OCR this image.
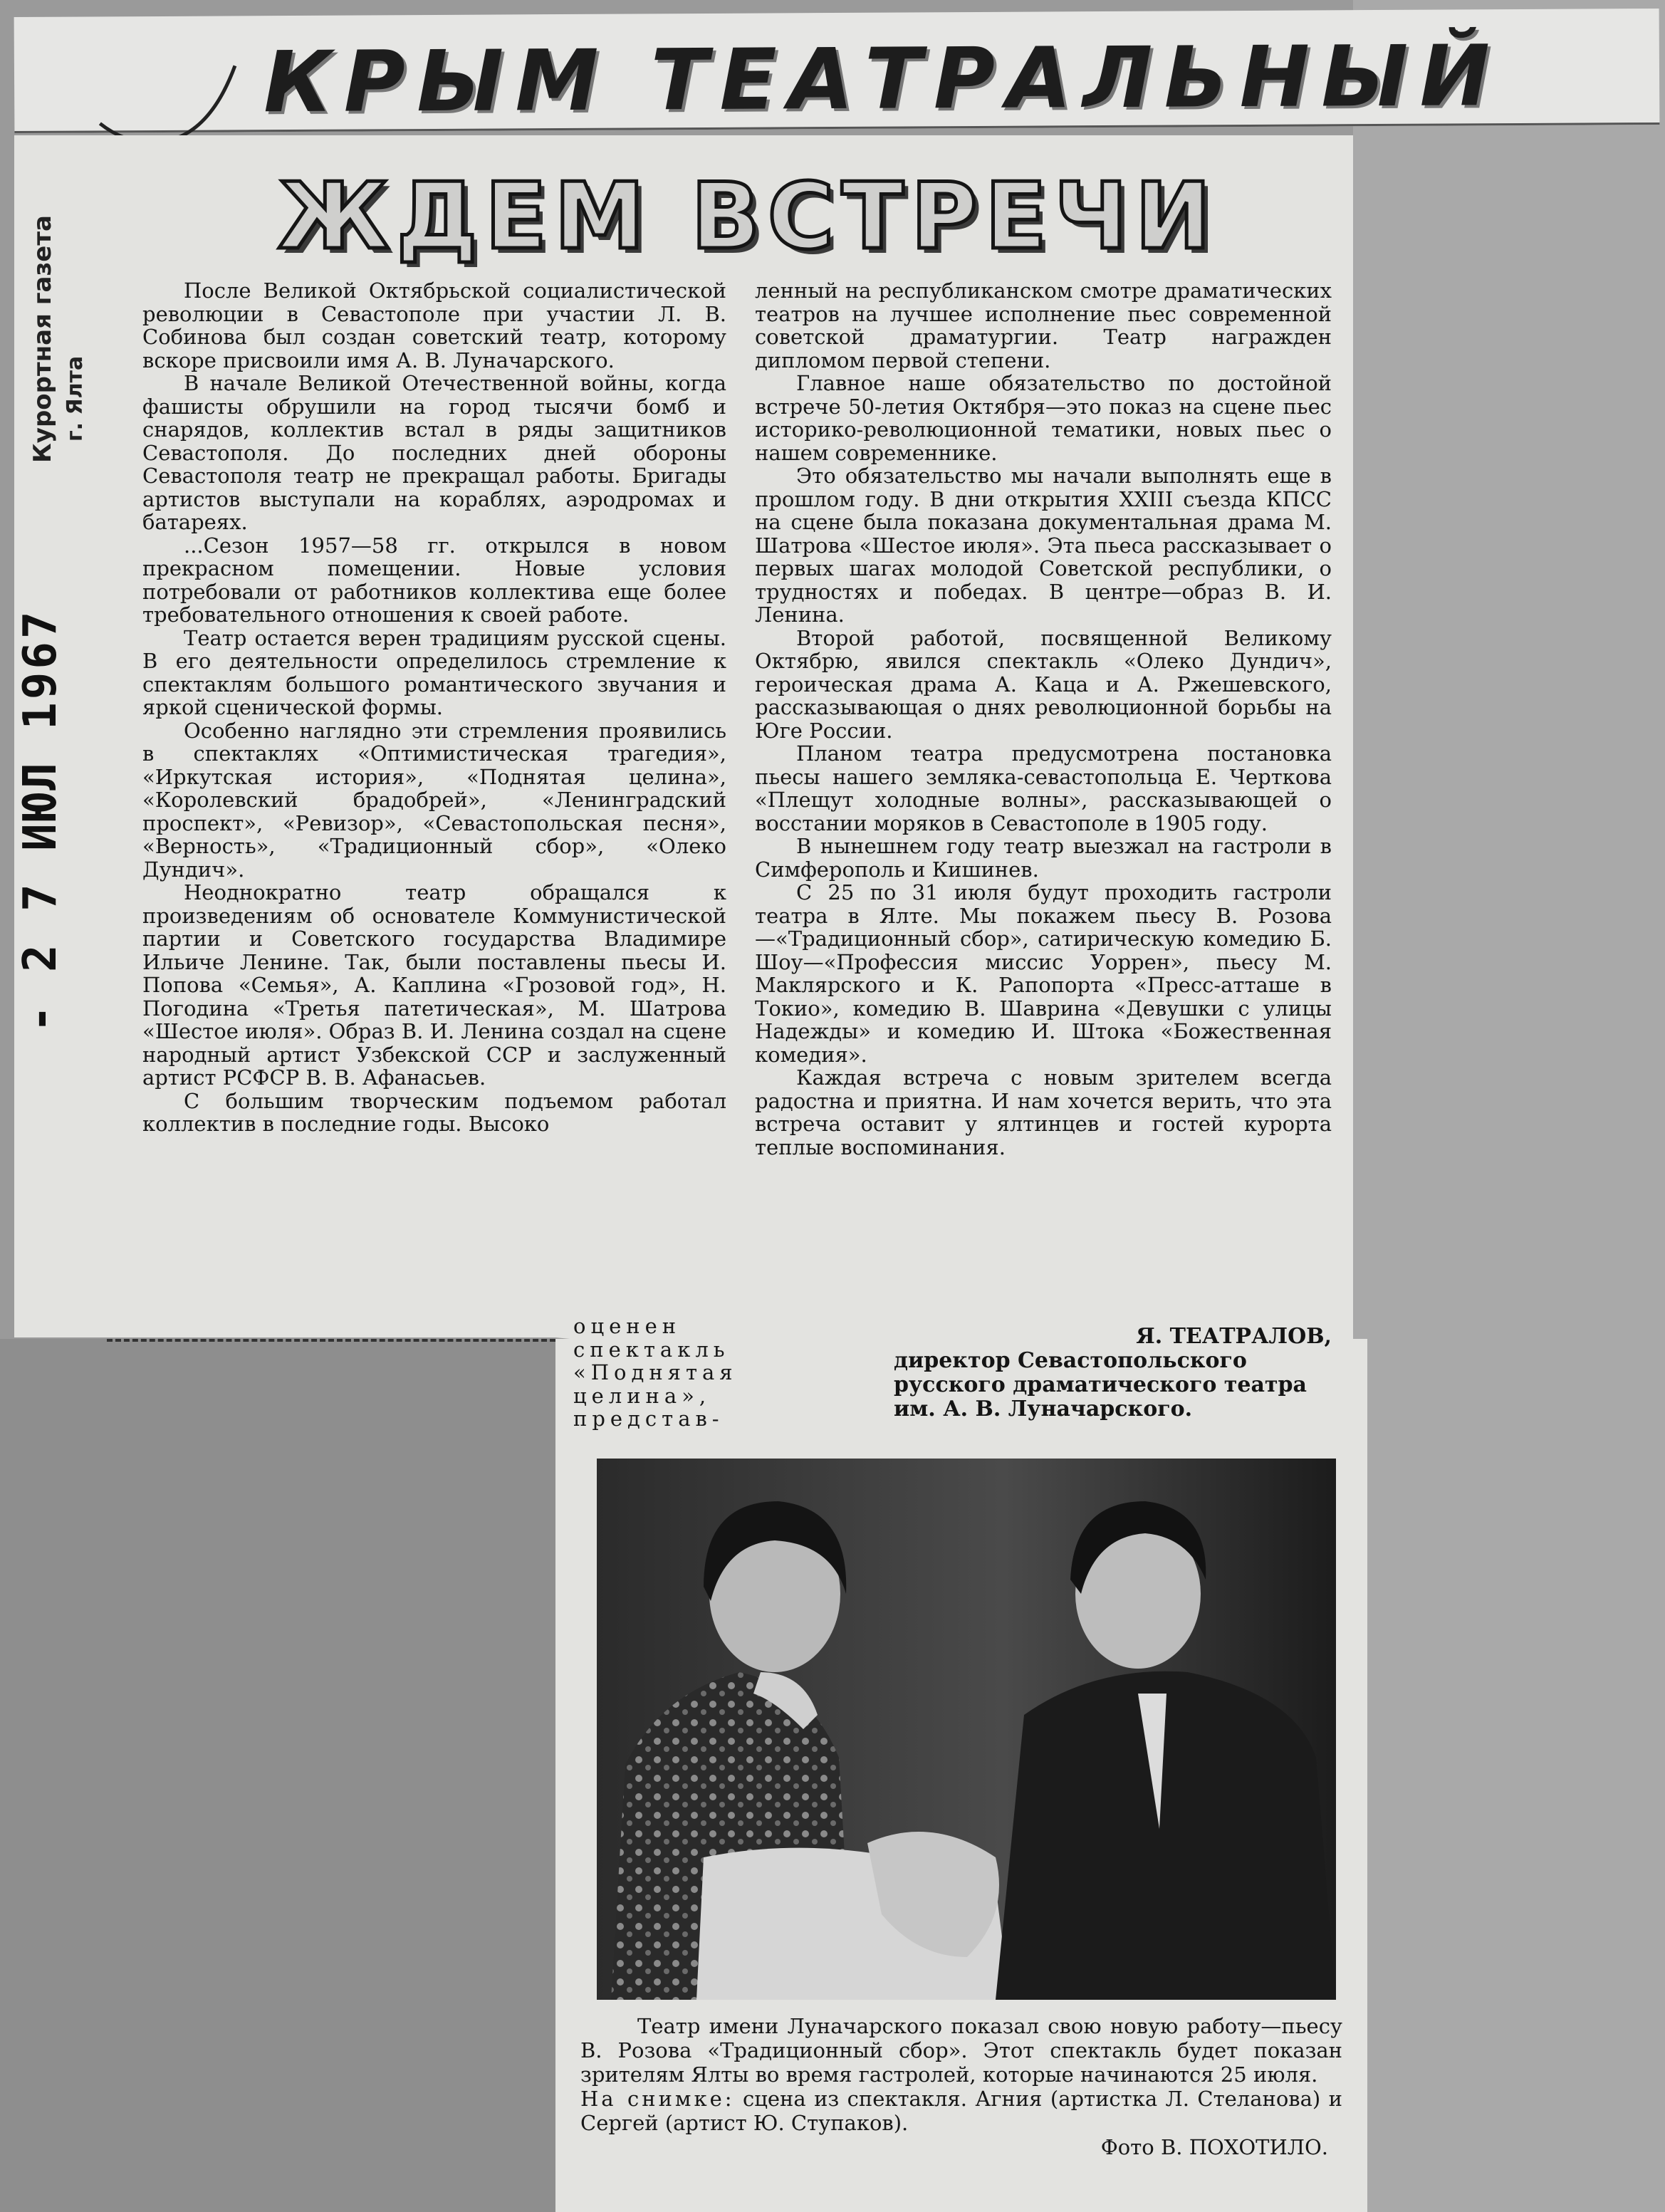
КРЫМ ТЕАТРАЛЬНЫЙ
ЖДЕМ ВСТРЕЧИ
Курортная газета г. Ялта
- 2 7 ИЮЛ 1967

После Великой Октябрьской социалистической революции в Севастополе при участии Л. В. Собинова был создан советский театр, которому вскоре присвоили имя А. В. Луначарского.

В начале Великой Отечественной войны, когда фашисты обрушили на город тысячи бомб и снарядов, коллектив встал в ряды защитников Севастополя. До последних дней обороны Севастополя театр не прекращал работы. Бригады артистов выступали на кораблях, аэродромах и батареях.

...Сезон 1957—58 гг. открылся в новом прекрасном помещении. Новые условия потребовали от работников коллектива еще более требовательного отношения к своей работе.

Театр остается верен традициям русской сцены. В его деятельности определилось стремление к спектаклям большого романтического звучания и яркой сценической формы.

Особенно наглядно эти стремления проявились в спектаклях «Оптимистическая трагедия», «Иркутская история», «Поднятая целина», «Королевский брадобрей», «Ленинградский проспект», «Ревизор», «Севастопольская песня», «Верность», «Традиционный сбор», «Олеко Дундич».

Неоднократно театр обращался к произведениям об основателе Коммунистической партии и Советского государства Владимире Ильиче Ленине. Так, были поставлены пьесы И. Попова «Семья», А. Каплина «Грозовой год», Н. Погодина «Третья патетическая», М. Шатрова «Шестое июля». Образ В. И. Ленина создал на сцене народный артист Узбекской ССР и заслуженный артист РСФСР В. В. Афанасьев.

С большим творческим подъемом работал коллектив в последние годы. Высоко

оценен спектакль «Поднятая целина», представ-

ленный на республиканском смотре драматических театров на лучшее исполнение пьес современной советской драматургии. Театр награжден дипломом первой степени.

Главное наше обязательство по достойной встрече 50-летия Октября—это показ на сцене пьес историко-революционной тематики, новых пьес о нашем современнике.

Это обязательство мы начали выполнять еще в прошлом году. В дни открытия XXIII съезда КПСС на сцене была показана документальная драма М. Шатрова «Шестое июля». Эта пьеса рассказывает о первых шагах молодой Советской республики, о трудностях и победах. В центре—образ В. И. Ленина.

Второй работой, посвященной Великому Октябрю, явился спектакль «Олеко Дундич», героическая драма А. Каца и А. Ржешевского, рассказывающая о днях революционной борьбы на Юге России.

Планом театра предусмотрена постановка пьесы нашего земляка-севастопольца Е. Черткова «Плещут холодные волны», рассказывающей о восстании моряков в Севастополе в 1905 году.

В нынешнем году театр выезжал на гастроли в Симферополь и Кишинев.

С 25 по 31 июля будут проходить гастроли театра в Ялте. Мы покажем пьесу В. Розова—«Традиционный сбор», сатирическую комедию Б. Шоу—«Профессия миссис Уоррен», пьесу М. Маклярского и К. Рапопорта «Пресс-атташе в Токио», комедию В. Шаврина «Девушки с улицы Надежды» и комедию И. Штока «Божественная комедия».

Каждая встреча с новым зрителем всегда радостна и приятна. И нам хочется верить, что эта встреча оставит у ялтинцев и гостей курорта теплые воспоминания.

Я. ТЕАТРАЛОВ,
директор Севастопольского русского драматического театра им. А. В. Луначарского.

Театр имени Луначарского показал свою новую работу—пьесу В. Розова «Традиционный сбор». Этот спектакль будет показан зрителям Ялты во время гастролей, которые начинаются 25 июля.

На снимке: сцена из спектакля. Агния (артистка Л. Стеланова) и Сергей (артист Ю. Ступаков).

Фото В. ПОХОТИЛО.
